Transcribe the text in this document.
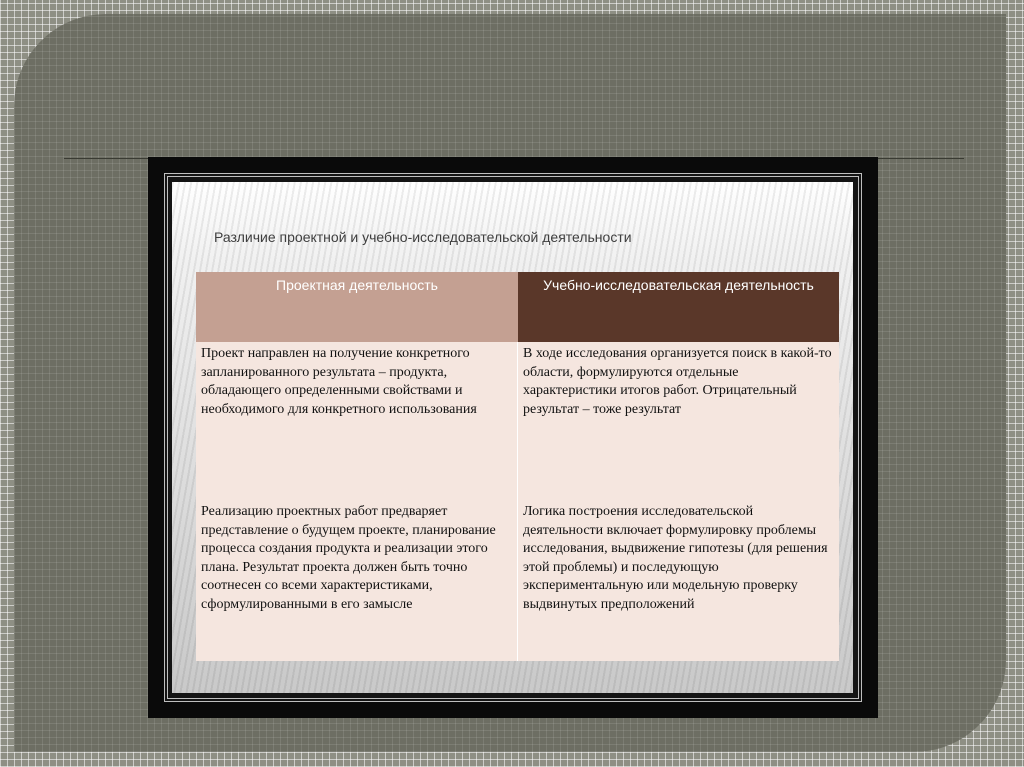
Различие проектной и учебно-исследовательской деятельности
Проектная деятельность	Учебно-исследовательская деятельность

Проект направлен на получение конкретного запланированного результата – продукта, обладающего определенными свойствами и необходимого для конкретного использования

В ходе исследования организуется поиск в какой-то области, формулируются отдельные характеристики итогов работ. Отрицательный результат – тоже результат

Реализацию проектных работ предваряет представление о будущем проекте, планирование процесса создания продукта и реализации этого плана. Результат проекта должен быть точно соотнесен со всеми характеристиками, сформулированными в его замысле

Логика построения исследовательской деятельности включает формулировку проблемы исследования, выдвижение гипотезы (для решения этой проблемы) и последующую экспериментальную или модельную проверку выдвинутых предположений
